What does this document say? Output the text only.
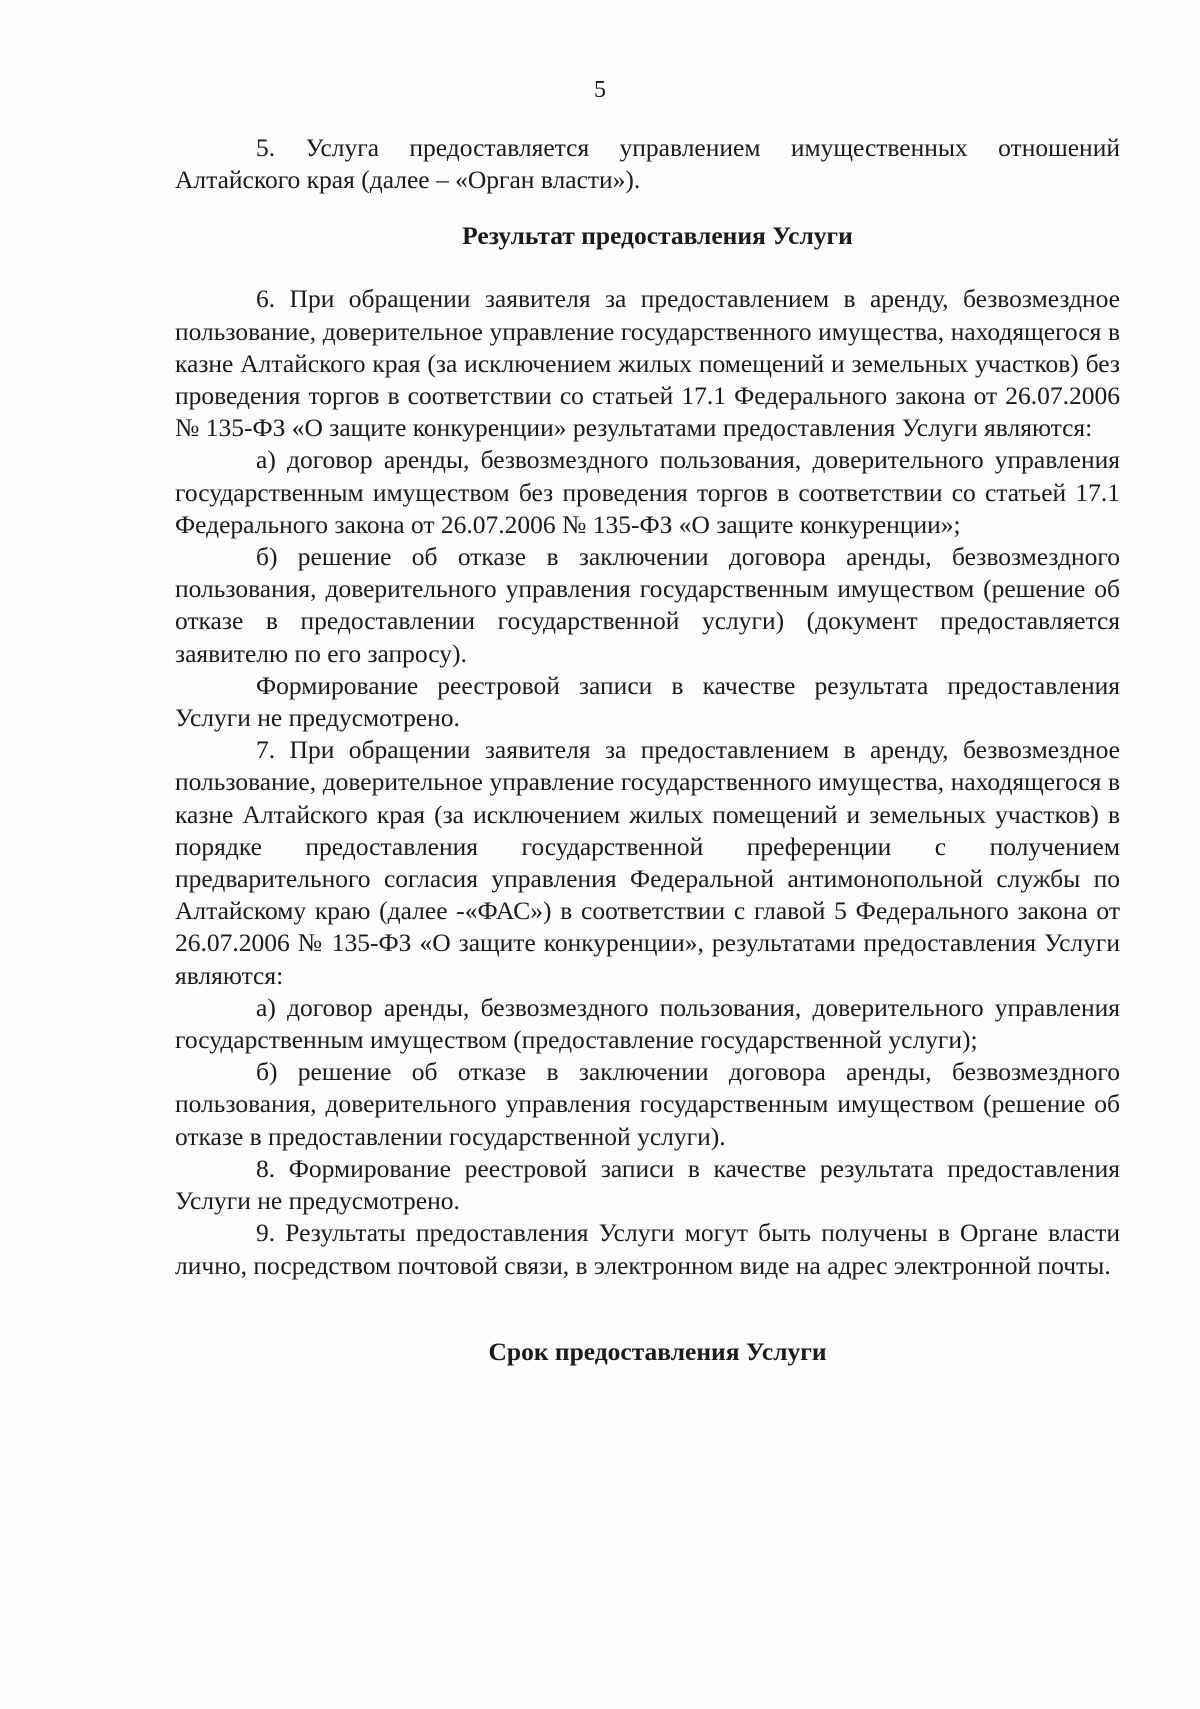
5

5. Услуга предоставляется управлением имущественных отношений Алтайского края (далее – «Орган власти»).

Результат предоставления Услуги

6. При обращении заявителя за предоставлением в аренду, безвозмездное пользование, доверительное управление государственного имущества, находящегося в казне Алтайского края (за исключением жилых помещений и земельных участков) без проведения торгов в соответствии со статьей 17.1 Федерального закона от 26.07.2006 № 135-ФЗ «О защите конкуренции» результатами предоставления Услуги являются:

а) договор аренды, безвозмездного пользования, доверительного управления государственным имуществом без проведения торгов в соответствии со статьей 17.1 Федерального закона от 26.07.2006 № 135-ФЗ «О защите конкуренции»;

б) решение об отказе в заключении договора аренды, безвозмездного пользования, доверительного управления государственным имуществом (решение об отказе в предоставлении государственной услуги) (документ предоставляется заявителю по его запросу).

Формирование реестровой записи в качестве результата предоставления Услуги не предусмотрено.

7. При обращении заявителя за предоставлением в аренду, безвозмездное пользование, доверительное управление государственного имущества, находящегося в казне Алтайского края (за исключением жилых помещений и земельных участков) в порядке предоставления государственной преференции с получением предварительного согласия управления Федеральной антимонопольной службы по Алтайскому краю (далее -«ФАС») в соответствии с главой 5 Федерального закона от 26.07.2006 № 135-ФЗ «О защите конкуренции», результатами предоставления Услуги являются:

а) договор аренды, безвозмездного пользования, доверительного управления государственным имуществом (предоставление государственной услуги);

б) решение об отказе в заключении договора аренды, безвозмездного пользования, доверительного управления государственным имуществом (решение об отказе в предоставлении государственной услуги).

8. Формирование реестровой записи в качестве результата предоставления Услуги не предусмотрено.

9. Результаты предоставления Услуги могут быть получены в Органе власти лично, посредством почтовой связи, в электронном виде на адрес электронной почты.

Срок предоставления Услуги
